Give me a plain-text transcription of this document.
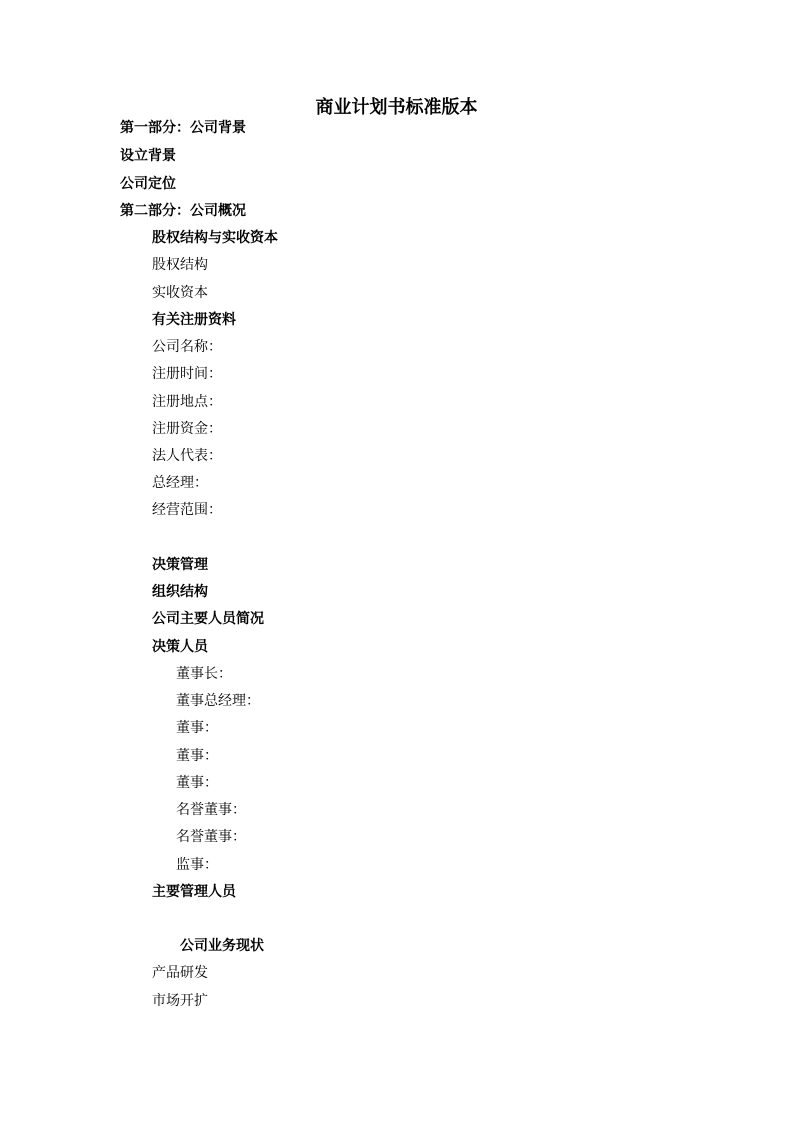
商业计划书标准版本
第一部分：公司背景
设立背景
公司定位
第二部分：公司概况
股权结构与实收资本
股权结构
实收资本
有关注册资料
公司名称：
注册时间：
注册地点：
注册资金：
法人代表：
总经理：
经营范围：
决策管理
组织结构
公司主要人员简况
决策人员
董事长：
董事总经理：
董事：
董事：
董事：
名誉董事：
名誉董事：
监事：
主要管理人员
公司业务现状
产品研发
市场开扩
